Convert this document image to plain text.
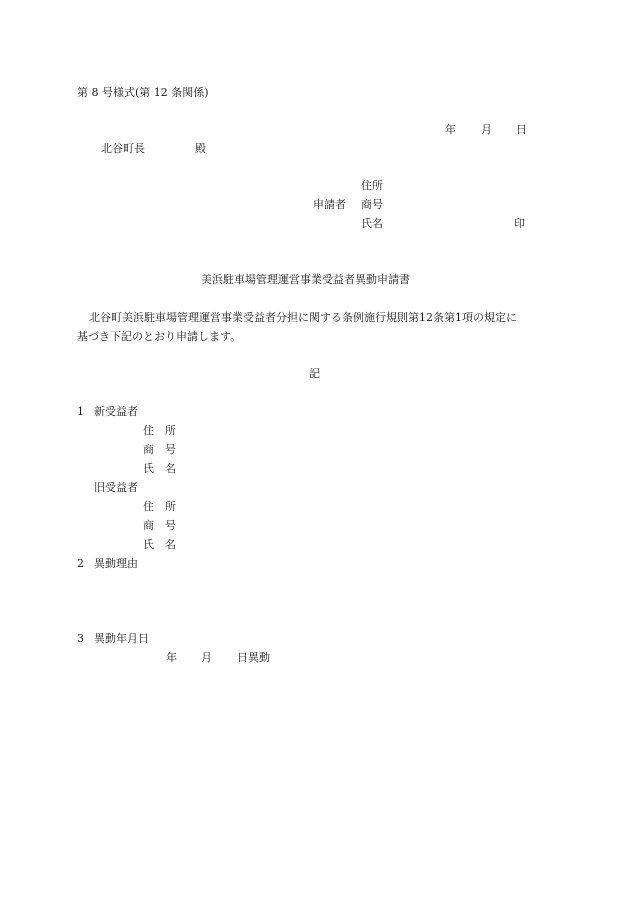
第 8 号様式(第 12 条関係)
年 月 日
北谷町長	殿
住所
申請者 商号
氏名	印
美浜駐車場管理運営事業受益者異動申請書
北谷町美浜駐車場管理運営事業受益者分担に関する条例施行規則第12条第1項の規定に
基づき下記のとおり申請します。
記
1 新受益者
住　所
商　号
氏　名
旧受益者
住　所
商　号
氏　名
2 異動理由
3 異動年月日
年 月 日異動
